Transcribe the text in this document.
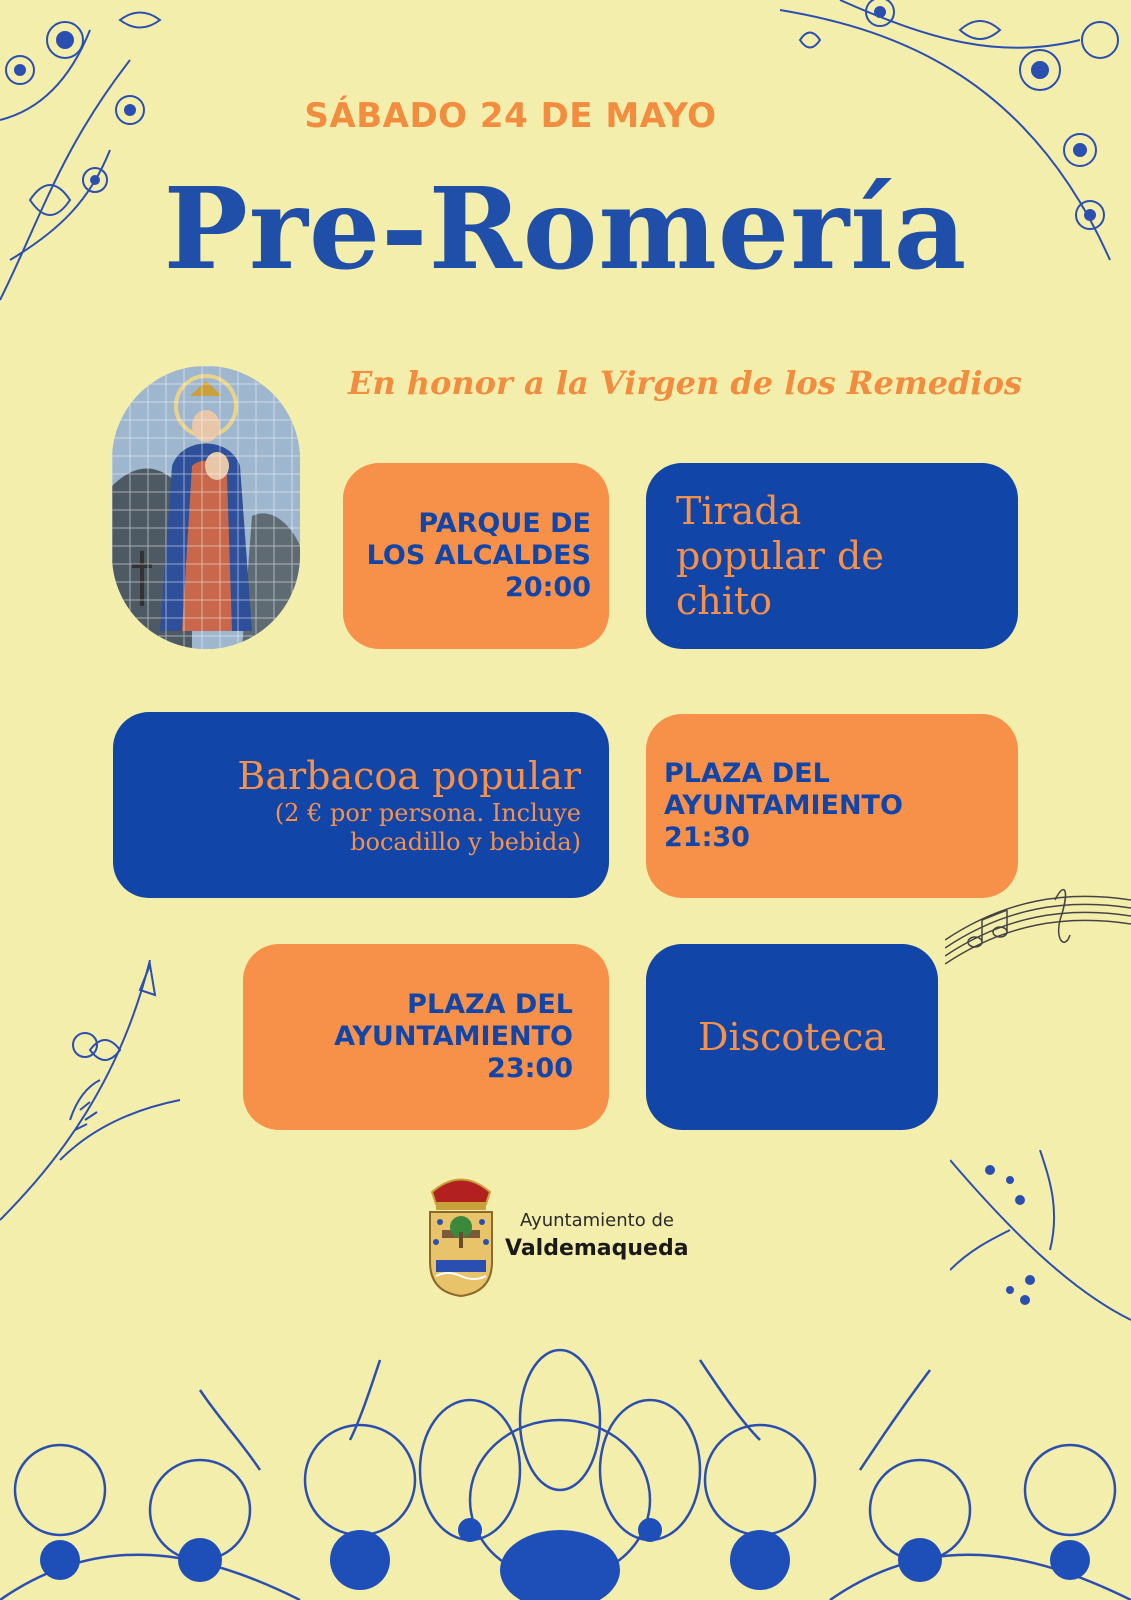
SÁBADO 24 DE MAYO
Pre-Romería
En honor a la Virgen de los Remedios
PARQUE DE
LOS ALCALDES
20:00
Tirada
popular de
chito
Barbacoa popular
(2 € por persona. Incluye
bocadillo y bebida)
PLAZA DEL
AYUNTAMIENTO
21:30
PLAZA DEL
AYUNTAMIENTO
23:00
Discoteca
Ayuntamiento de
Valdemaqueda
